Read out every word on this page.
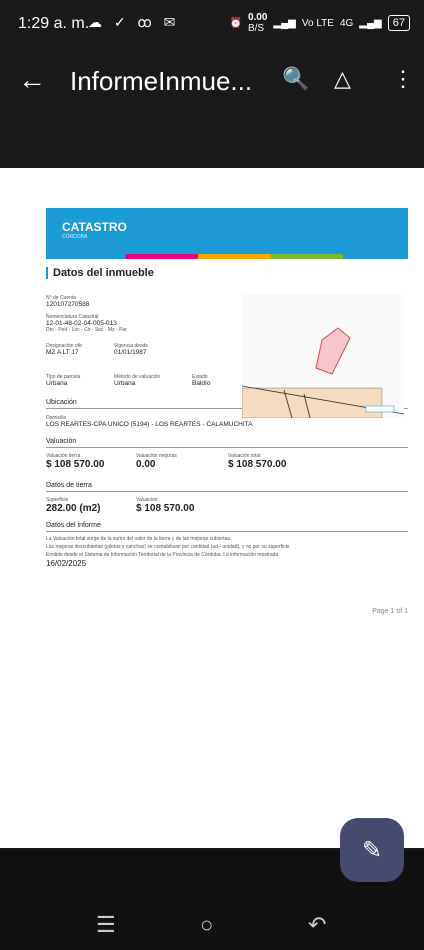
1:29 a. m.
☁ ✓ ꝏ ✉	⏰ 0.00
B/S ▂▄▆ Vo LTE 4G ▂▄▆	67
← InformeInmue...	🔍 △ ⋮
CATASTRO
CÓRDOBA
Datos del inmueble
N° de Cuenta
120107270588
Nomenclatura Catastral
12-01-48-02-04-005-013
Dto - Ped - Loc - Cir - Sec - Mz - Par
Designación ofic
MZ A LT 17
Vigencia desde
01/01/1987
Tipo de parcela
Urbana
Método de valuación
Urbana
Estado
Baldío
Ubicación
Domicilio
LOS REARTES-CPA UNICO (5194) - LOS REARTES - CALAMUCHITA
Valuación
Valuación tierra
$ 108 570.00
Valuación mejoras
0.00
Valuación total
$ 108 570.00
Datos de tierra
Superficie
282.00 (m2)
Valuacion
$ 108 570.00
Datos del informe
La Valuación total surge de la suma del valor de la tierra y de las mejoras cubiertas.
Las mejoras descubiertas (piletas y canchas) se contabilizan por cantidad (ud.- unidad), y no por su superficie.
Emitido desde el Sistema de Información Territorial de la Provincia de Córdoba. La información mostrada
16/02/2025
Page 1 of 1
☰	○	↶
✎
